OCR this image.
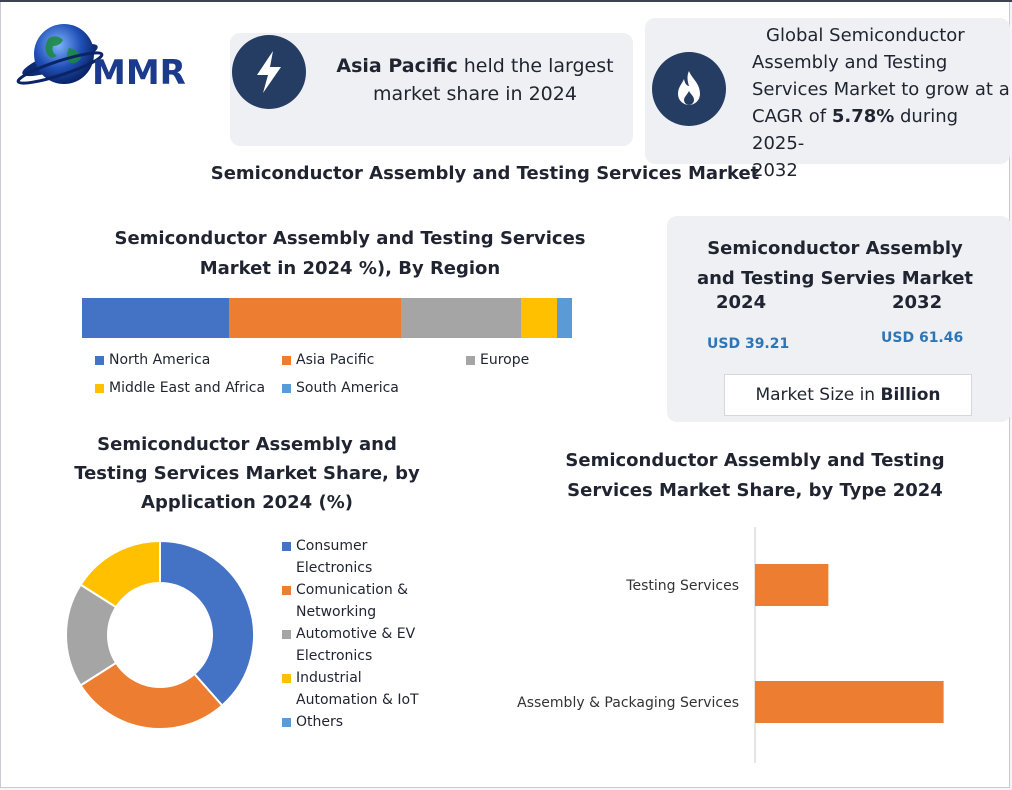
MMR	Asia Pacific held the largest
market share in 2024
Global Semiconductor
Assembly and Testing
Services Market to grow at a
CAGR of 5.78% during 2025-
2032
Semiconductor Assembly and Testing Services Market
Semiconductor Assembly and Testing Services
Market in 2024 %), By Region
North America	Asia Pacific	Europe
Middle East and Africa South America
Semiconductor Assembly
and Testing Servies Market
2024	2032
USD 39.21	USD 61.46
Market Size in
Billion
Semiconductor Assembly and
Testing Services Market Share, by
Application 2024 (%)
Consumer
Electronics
Comunication &
Networking
Automotive & EV
Electronics
Industrial
Automation & IoT
Others
Semiconductor Assembly and Testing
Services Market Share, by Type 2024
Testing Services
Assembly & Packaging Services
